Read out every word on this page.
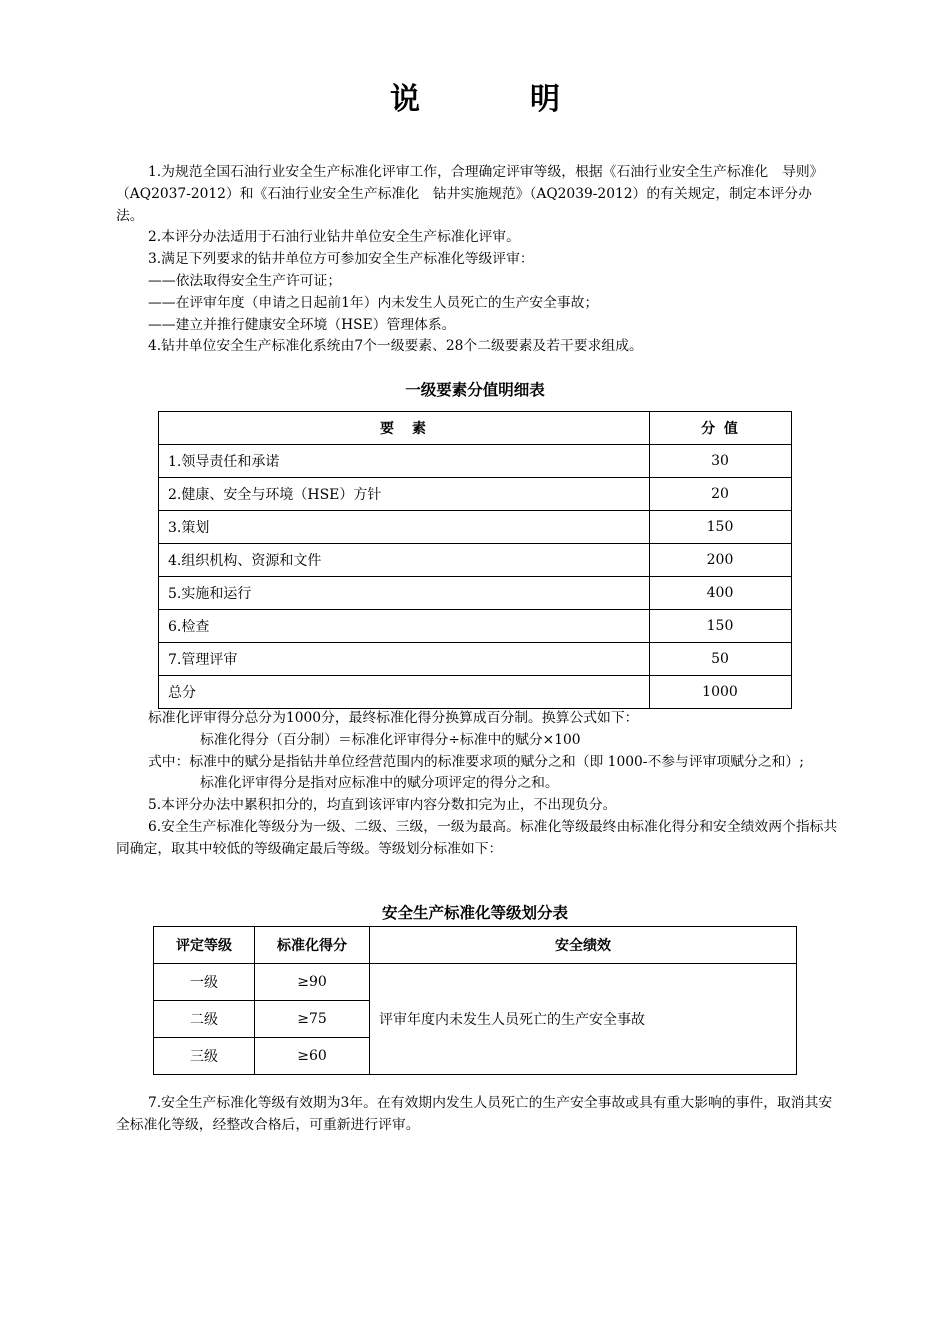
说　明

1.为规范全国石油行业安全生产标准化评审工作，合理确定评审等级，根据《石油行业安全生产标准化　导则》（AQ2037-2012）和《石油行业安全生产标准化　钻井实施规范》（AQ2039-2012）的有关规定，制定本评分办法。

2.本评分办法适用于石油行业钻井单位安全生产标准化评审。

3.满足下列要求的钻井单位方可参加安全生产标准化等级评审：

——依法取得安全生产许可证；

——在评审年度（申请之日起前1年）内未发生人员死亡的生产安全事故；

——建立并推行健康安全环境（HSE）管理体系。

4.钻井单位安全生产标准化系统由7个一级要素、28个二级要素及若干要求组成。

一级要素分值明细表
要　素	分 值
1.领导责任和承诺	30
2.健康、安全与环境（HSE）方针	20
3.策划	150
4.组织机构、资源和文件	200
5.实施和运行	400
6.检查	150
7.管理评审	50
总分	1000

标准化评审得分总分为1000分，最终标准化得分换算成百分制。换算公式如下：

标准化得分（百分制）＝标准化评审得分÷标准中的赋分×100

式中：标准中的赋分是指钻井单位经营范围内的标准要求项的赋分之和（即 1000-不参与评审项赋分之和）;

标准化评审得分是指对应标准中的赋分项评定的得分之和。

5.本评分办法中累积扣分的，均直到该评审内容分数扣完为止，不出现负分。

6.安全生产标准化等级分为一级、二级、三级，一级为最高。标准化等级最终由标准化得分和安全绩效两个指标共同确定，取其中较低的等级确定最后等级。等级划分标准如下：

安全生产标准化等级划分表
评定等级	标准化得分	安全绩效
一级	≥90	评审年度内未发生人员死亡的生产安全事故
二级	≥75	
三级	≥60	

7.安全生产标准化等级有效期为3年。在有效期内发生人员死亡的生产安全事故或具有重大影响的事件，取消其安全标准化等级，经整改合格后，可重新进行评审。
